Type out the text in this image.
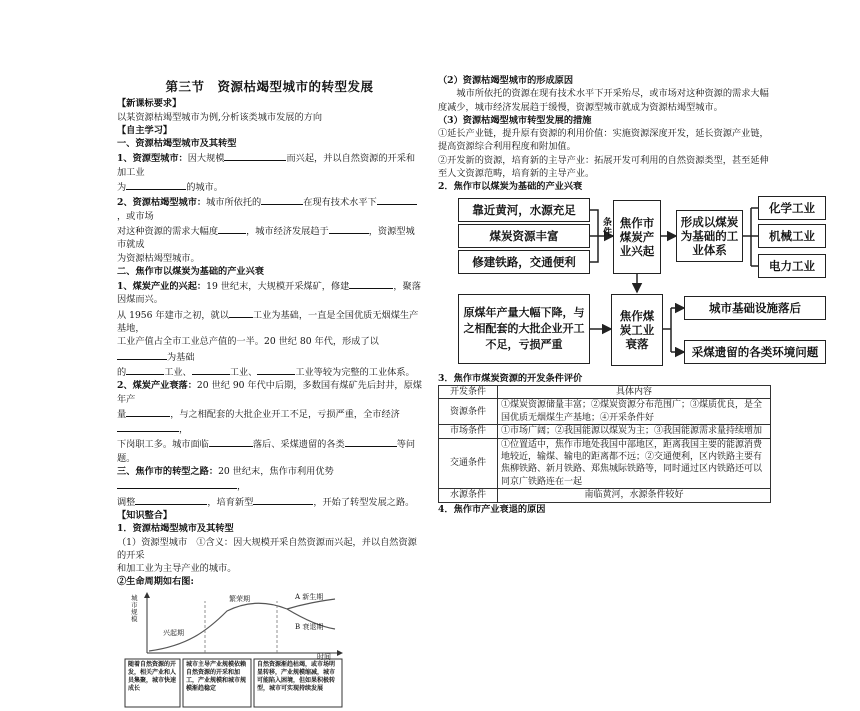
第三节　资源枯竭型城市的转型发展

【新课标要求】

以某资源枯竭型城市为例,分析该类城市发展的方向

【自主学习】

一、资源枯竭型城市及其转型

1、资源型城市：因大规模	而兴起，并以自然资源的开采和加工业

为	的城市。

2、资源枯竭型城市：城市所依托的	在现有技术水平下，或市场

对这种资源的需求大幅度	，城市经济发展趋于	，资源型城市就成

为资源枯竭型城市。

二、焦作市以煤炭为基础的产业兴衰

1、煤炭产业的兴起：19 世纪末，大规模开采煤矿，修建	，聚落因煤而兴。

从 1956 年建市之初，就以	工业为基础，一直是全国优质无烟煤生产基地，

工业产值占全市工业总产值的一半。20 世纪 80 年代，形成了以为基础

的	工业、	工业、	工业等较为完整的工业体系。

2、煤炭产业衰落：20 世纪 90 年代中后期，多数国有煤矿先后封井，原煤年产

量	，与之相配套的大批企业开工不足，亏损严重，全市经济，

下岗职工多。城市面临	落后、采煤遗留的各类	等问题。

三、焦作市的转型之路：20 世纪末，焦作市利用优势，

调整	，培育新型	，开始了转型发展之路。

【知识整合】

1．资源枯竭型城市及其转型

（1）资源型城市　①含义：因大规模开采自然资源而兴起，并以自然资源的开采

和加工业为主导产业的城市。

②生命周期如右图:

城市规模
兴起期
繁荣期	A 新生期
B 衰退期
时间
随着自然资源的开发，相关产业和人员集聚，城市快速成长
城市主导产业规模依赖自然资源的开采和加工，产业规模和城市规模渐趋稳定
自然资源渐趋枯竭，或市场明显转移，产业规模缩减，城市可能陷入困境，但如果积极转型，城市可实现持续发展

（2）资源枯竭型城市的形成原因

城市所依托的资源在现有技术水平下开采殆尽，或市场对这种资源的需求大幅度减少，城市经济发展趋于缓慢，资源型城市就成为资源枯竭型城市。

（3）资源枯竭型城市转型发展的措施

①延长产业链，提升原有资源的利用价值：实施资源深度开发，延长资源产业链，提高资源综合利用程度和附加值。

②开发新的资源，培育新的主导产业：拓展开发可利用的自然资源类型，甚至延伸至人文资源范畴，培育新的主导产业。

2．焦作市以煤炭为基础的产业兴衰

靠近黄河，水源充足
煤炭资源丰富
修建铁路，交通便利
条件
焦作市煤炭产业兴起
形成以煤炭为基础的工业体系
化学工业
机械工业
电力工业
原煤年产量大幅下降，与之相配套的大批企业开工不足，亏损严重
焦作煤炭工业衰落
城市基础设施落后
采煤遗留的各类环境问题

3．焦作市煤炭资源的开发条件评价

开发条件	具体内容
资源条件	①煤炭资源储量丰富；②煤炭资源分布范围广；③煤质优良，是全国优质无烟煤生产基地；④开采条件好
市场条件	①市场广阔；②我国能源以煤炭为主；③我国能源需求量持续增加
交通条件	①位置适中，焦作市地处我国中部地区，距离我国主要的能源消费地较近，输煤、输电的距离都不远；②交通便利，区内铁路主要有焦柳铁路、新月铁路、郑焦城际铁路等，同时通过区内铁路还可以同京广铁路连在一起
水源条件	南临黄河，水源条件较好

4．焦作市产业衰退的原因
